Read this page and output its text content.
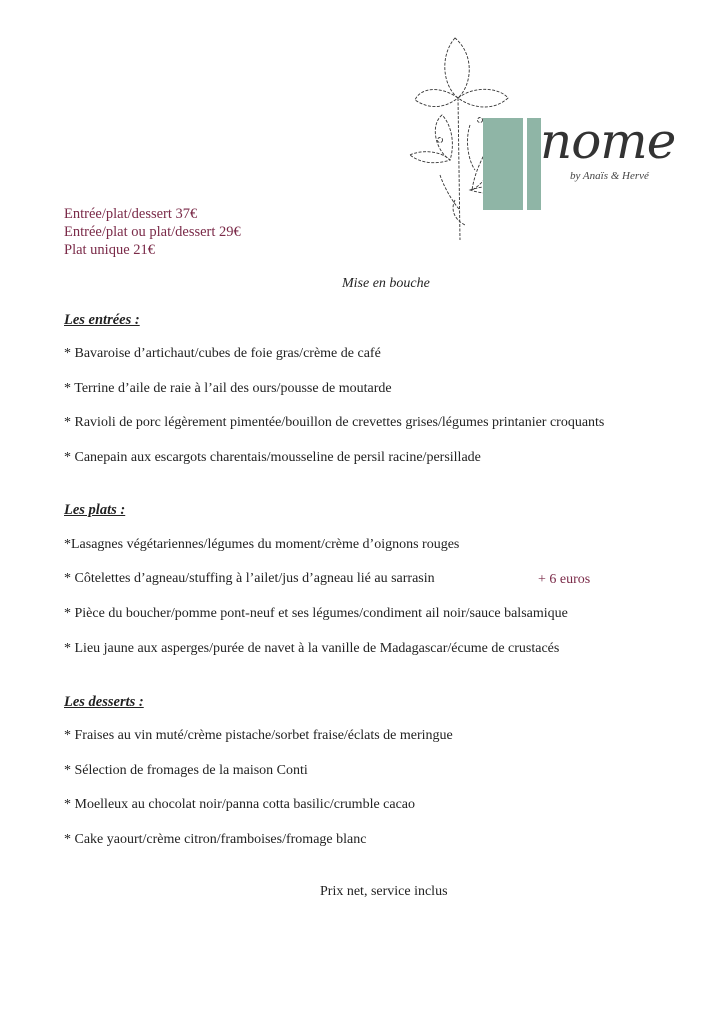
nome
by Anaïs & Hervé
Entrée/plat/dessert 37€
Entrée/plat ou plat/dessert 29€
Plat unique 21€
Mise en bouche
Les entrées :
* Bavaroise d’artichaut/cubes de foie gras/crème de café
* Terrine d’aile de raie à l’ail des ours/pousse de moutarde
* Ravioli de porc légèrement pimentée/bouillon de crevettes grises/légumes printanier croquants
* Canepain aux escargots charentais/mousseline de persil racine/persillade
Les plats :
*Lasagnes végétariennes/légumes du moment/crème d’oignons rouges
* Côtelettes d’agneau/stuffing à l’ailet/jus d’agneau lié au sarrasin	+ 6 euros
* Pièce du boucher/pomme pont-neuf et ses légumes/condiment ail noir/sauce balsamique
* Lieu jaune aux asperges/purée de navet à la vanille de Madagascar/écume de crustacés
Les desserts :
* Fraises au vin muté/crème pistache/sorbet fraise/éclats de meringue
* Sélection de fromages de la maison Conti
* Moelleux au chocolat noir/panna cotta basilic/crumble cacao
* Cake yaourt/crème citron/framboises/fromage blanc
Prix net, service inclus
